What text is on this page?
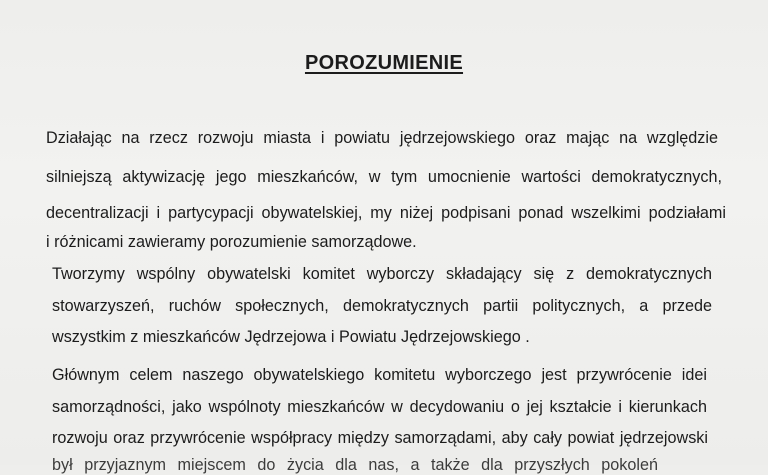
POROZUMIENIE
Działając na rzecz rozwoju miasta i powiatu jędrzejowskiego oraz mając na względzie
silniejszą aktywizację jego mieszkańców, w tym umocnienie wartości demokratycznych,
decentralizacji i partycypacji obywatelskiej, my niżej podpisani ponad wszelkimi podziałami
i różnicami zawieramy porozumienie samorządowe.
Tworzymy wspólny obywatelski komitet wyborczy składający się z demokratycznych
stowarzyszeń, ruchów społecznych, demokratycznych partii politycznych, a przede
wszystkim z mieszkańców Jędrzejowa i Powiatu Jędrzejowskiego .
Głównym celem naszego obywatelskiego komitetu wyborczego jest przywrócenie idei
samorządności, jako wspólnoty mieszkańców w decydowaniu o jej kształcie i kierunkach
rozwoju oraz przywrócenie współpracy między samorządami, aby cały powiat jędrzejowski
był przyjaznym miejscem do życia dla nas, a także dla przyszłych pokoleń
